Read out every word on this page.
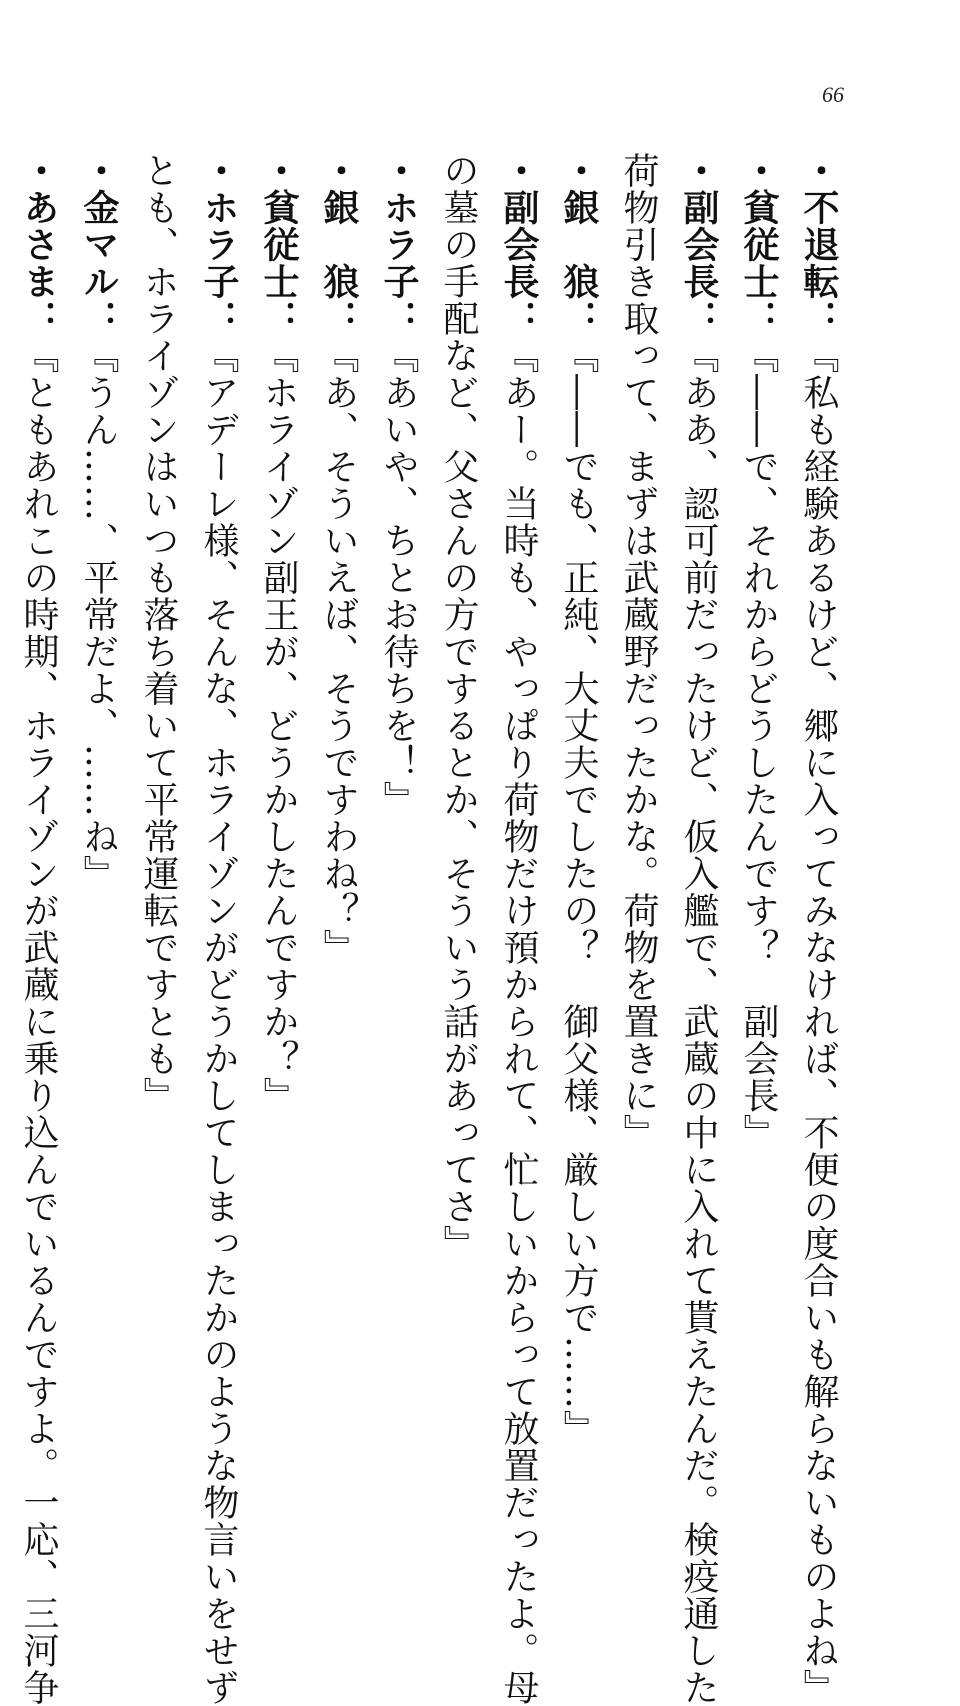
66
・不退転：『私も経験あるけど、郷に入ってみなければ、不便の度合いも解らないものよね』
・貧従士：『――で、それからどうしたんです？　副会長』
・副会長：『ああ、認可前だったけど、仮入艦で、武蔵の中に入れて貰えたんだ。検疫通した
荷物引き取って、まずは武蔵野だったかな。荷物を置きに』
・銀　狼：『――でも、正純、大丈夫でしたの？　御父様、厳しい方で……』
・副会長：『あー。当時も、やっぱり荷物だけ預かられて、忙しいからって放置だったよ。母
の墓の手配など、父さんの方でするとか、そういう話があってさ』
・ホラ子：『あいや、ちとお待ちを！』
・銀　狼：『あ、そういえば、そうですわね？』
・貧従士：『ホライゾン副王が、どうかしたんですか？』
・ホラ子：『アデーレ様、そんな、ホライゾンがどうかしてしまったかのような物言いをせず
とも、ホライゾンはいつも落ち着いて平常運転ですとも』
・金マル：『うん……、平常だよ、……ね』
・あさま：『ともあれこの時期、ホライゾンが武蔵に乗り込んでいるんですよ。一応、三河争
